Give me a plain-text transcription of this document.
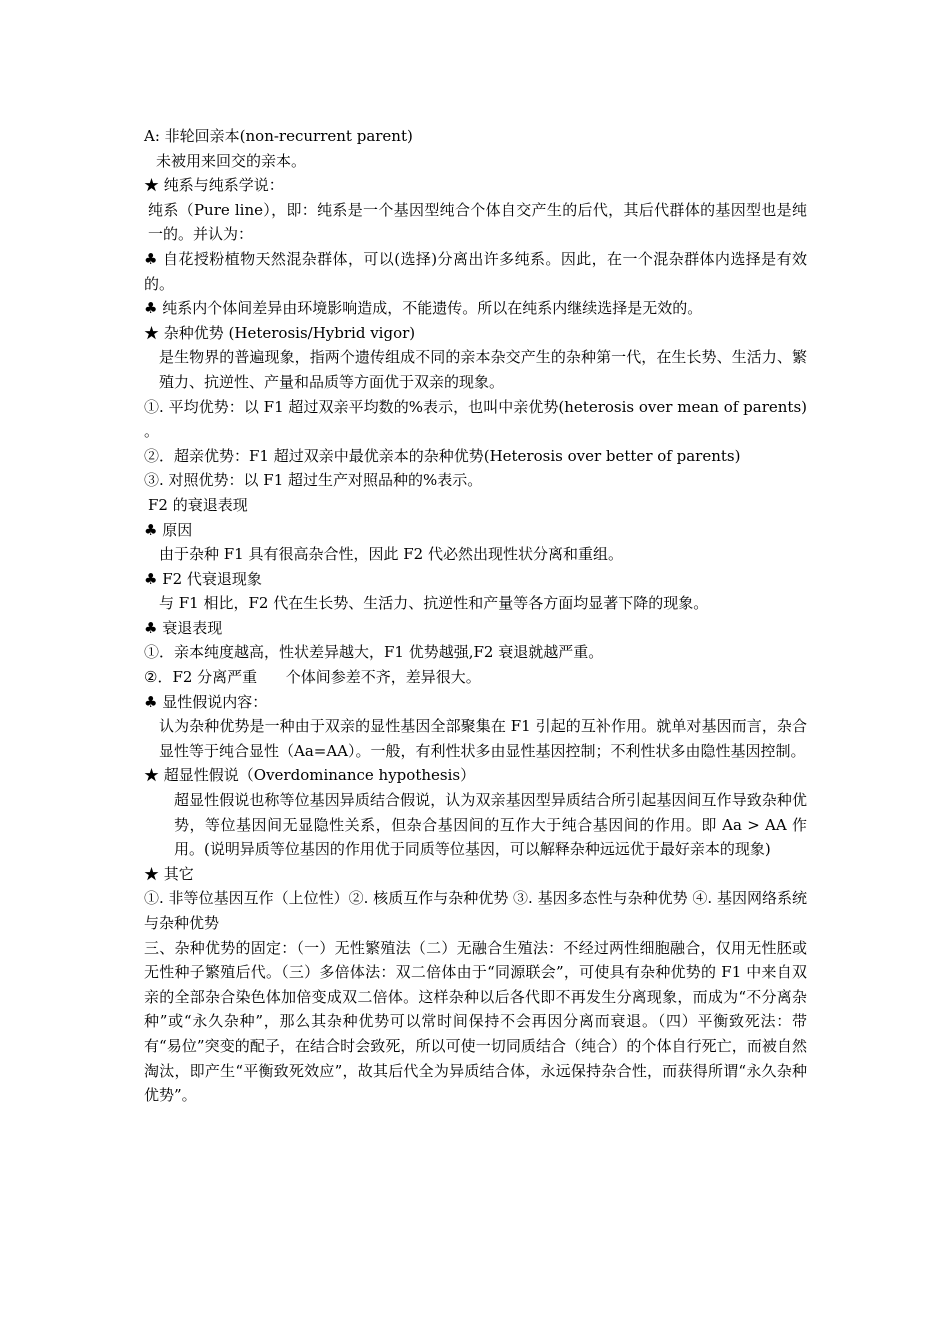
A: 非轮回亲本(non-recurrent parent)

未被用来回交的亲本。

★ 纯系与纯系学说：

纯系（Pure line），即：纯系是一个基因型纯合个体自交产生的后代，其后代群体的基因型也是纯一的。并认为：

♣ 自花授粉植物天然混杂群体，可以(选择)分离出许多纯系。因此，在一个混杂群体内选择是有效的。

♣ 纯系内个体间差异由环境影响造成，不能遗传。所以在纯系内继续选择是无效的。

★ 杂种优势 (Heterosis/Hybrid vigor)

是生物界的普遍现象，指两个遗传组成不同的亲本杂交产生的杂种第一代，在生长势、生活力、繁殖力、抗逆性、产量和品质等方面优于双亲的现象。

①. 平均优势：以 F1 超过双亲平均数的%表示，也叫中亲优势(heterosis over mean of parents) 。

②．超亲优势：F1 超过双亲中最优亲本的杂种优势(Heterosis over better of parents)

③. 对照优势：以 F1 超过生产对照品种的%表示。

F2 的衰退表现

♣ 原因

由于杂种 F1 具有很高杂合性，因此 F2 代必然出现性状分离和重组。

♣ F2 代衰退现象

与 F1 相比，F2 代在生长势、生活力、抗逆性和产量等各方面均显著下降的现象。

♣ 衰退表现

①．亲本纯度越高，性状差异越大，F1 优势越强,F2 衰退就越严重。

②．F2 分离严重      个体间参差不齐，差异很大。

♣ 显性假说内容：

认为杂种优势是一种由于双亲的显性基因全部聚集在 F1 引起的互补作用。就单对基因而言，杂合显性等于纯合显性（Aa=AA）。一般，有利性状多由显性基因控制；不利性状多由隐性基因控制。

★ 超显性假说（Overdominance hypothesis）

超显性假说也称等位基因异质结合假说，认为双亲基因型异质结合所引起基因间互作导致杂种优势，等位基因间无显隐性关系，但杂合基因间的互作大于纯合基因间的作用。即 Aa > AA 作用。(说明异质等位基因的作用优于同质等位基因，可以解释杂种远远优于最好亲本的现象)

★ 其它

①. 非等位基因互作（上位性）②. 核质互作与杂种优势 ③. 基因多态性与杂种优势 ④. 基因网络系统与杂种优势

三、杂种优势的固定：（一）无性繁殖法（二）无融合生殖法：不经过两性细胞融合，仅用无性胚或无性种子繁殖后代。（三）多倍体法：双二倍体由于“同源联会”，可使具有杂种优势的 F1 中来自双亲的全部杂合染色体加倍变成双二倍体。这样杂种以后各代即不再发生分离现象，而成为“不分离杂种”或“永久杂种”，那么其杂种优势可以常时间保持不会再因分离而衰退。（四）平衡致死法：带有“易位”突变的配子，在结合时会致死，所以可使一切同质结合（纯合）的个体自行死亡，而被自然淘汰，即产生“平衡致死效应”，故其后代全为异质结合体，永远保持杂合性，而获得所谓“永久杂种优势”。
